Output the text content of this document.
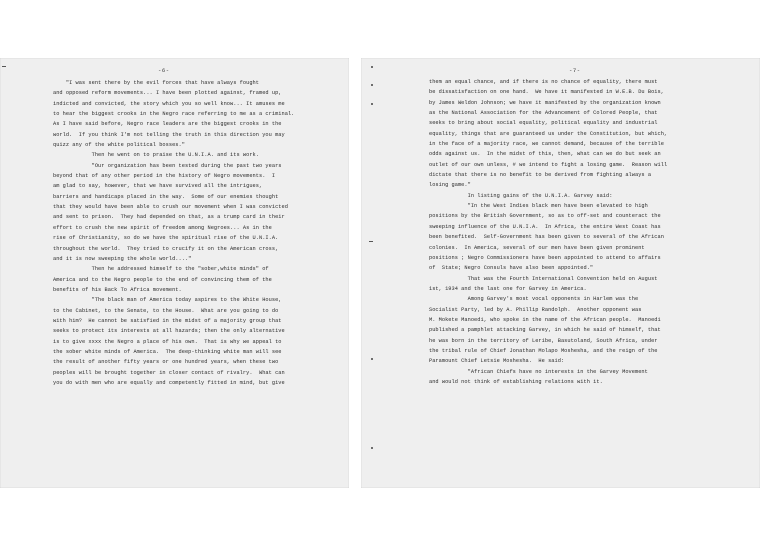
-6-
"I was sent there by the evil forces that have always fought
and opposed reform movements... I have been plotted against, framed up,
indicted and convicted, the story which you so well know... It amuses me
to hear the biggest crooks in the Negro race referring to me as a criminal.
As I have said before, Negro race leaders are the biggest crooks in the
world.  If you think I'm not telling the truth in this direction you may
quizz any of the white political bosses."
Then he went on to praise the U.N.I.A. and its work.
"Our organization has been tested during the past two years
beyond that of any other period in the history of Negro movements.  I
am glad to say, however, that we have survived all the intrigues,
barriers and handicaps placed in the way.  Some of our enemies thought
that they would have been able to crush our movement when I was convicted
and sent to prison.  They had depended on that, as a trump card in their
effort to crush the new spirit of freedom among Negroes... As in the
rise of Christianity, so do we have the spiritual rise of the U.N.I.A.
throughout the world.  They tried to crucify it on the American cross,
and it is now sweeping the whole world...."
Then he addressed himself to the "sober,white minds" of
America and to the Negro people to the end of convincing them of the
benefits of his Back To Africa movement.
"The black man of America today aspires to the White House,
to the Cabinet, to the Senate, to the House.  What are you going to do
with him?  He cannot be satisfied in the midst of a majority group that
seeks to protect its interests at all hazards; then the only alternative
is to give xxxx the Negro a place of his own.  That is why we appeal to
the sober white minds of America.  The deep-thinking white man will see
the result of another fifty years or one hundred years, when these two
peoples will be brought together in closer contact of rivalry.  What can
you do with men who are equally and competently fitted in mind, but give
-7-
them an equal chance, and if there is no chance of equality, there must
be dissatisfaction on one hand.  We have it manifested in W.E.B. Du Bois,
by James Weldon Johnson; we have it manifested by the organization known
as the National Association for the Advancement of Colored People, that
seeks to bring about social equality, political equality and industrial
equality, things that are guaranteed us under the Constitution, but which,
in the face of a majority race, we cannot demand, because of the terrible
odds against us.  In the midst of this, then, what can we do but seek an
outlet of our own unless, # we intend to fight a losing game.  Reason will
dictate that there is no benefit to be derived from fighting always a
losing game."
In listing gains of the U.N.I.A. Garvey said:
"In the West Indies black men have been elevated to high
positions by the British Government, so as to off-set and counteract the
sweeping influence of the U.N.I.A.  In Africa, the entire West Coast has
been benefited.  Self-Government has been given to several of the African
colonies.  In America, several of our men have been given prominent
positions ; Negro Commissioners have been appointed to attend to affairs
of  State; Negro Consuls have also been appointed."
That was the Fourth International Convention held on August
1st, 1934 and the last one for Garvey in America.
Among Garvey's most vocal opponents in Harlem was the
Socialist Party, led by A. Phillip Randolph.  Another opponent was
M. Mokete Manoedi, who spoke in the name of the African people.  Manoedi
published a pamphlet attacking Garvey, in which he said of himself, that
he was born in the territory of Leribe, Basutoland, South Africa, under
the tribal rule of Chief Jonathan Molapo Moshesha, and the reign of the
Paramount Chief Letsie Moshesha.  He said:
"African Chiefs have no interests in the Garvey Movement
and would not think of establishing relations with it.
